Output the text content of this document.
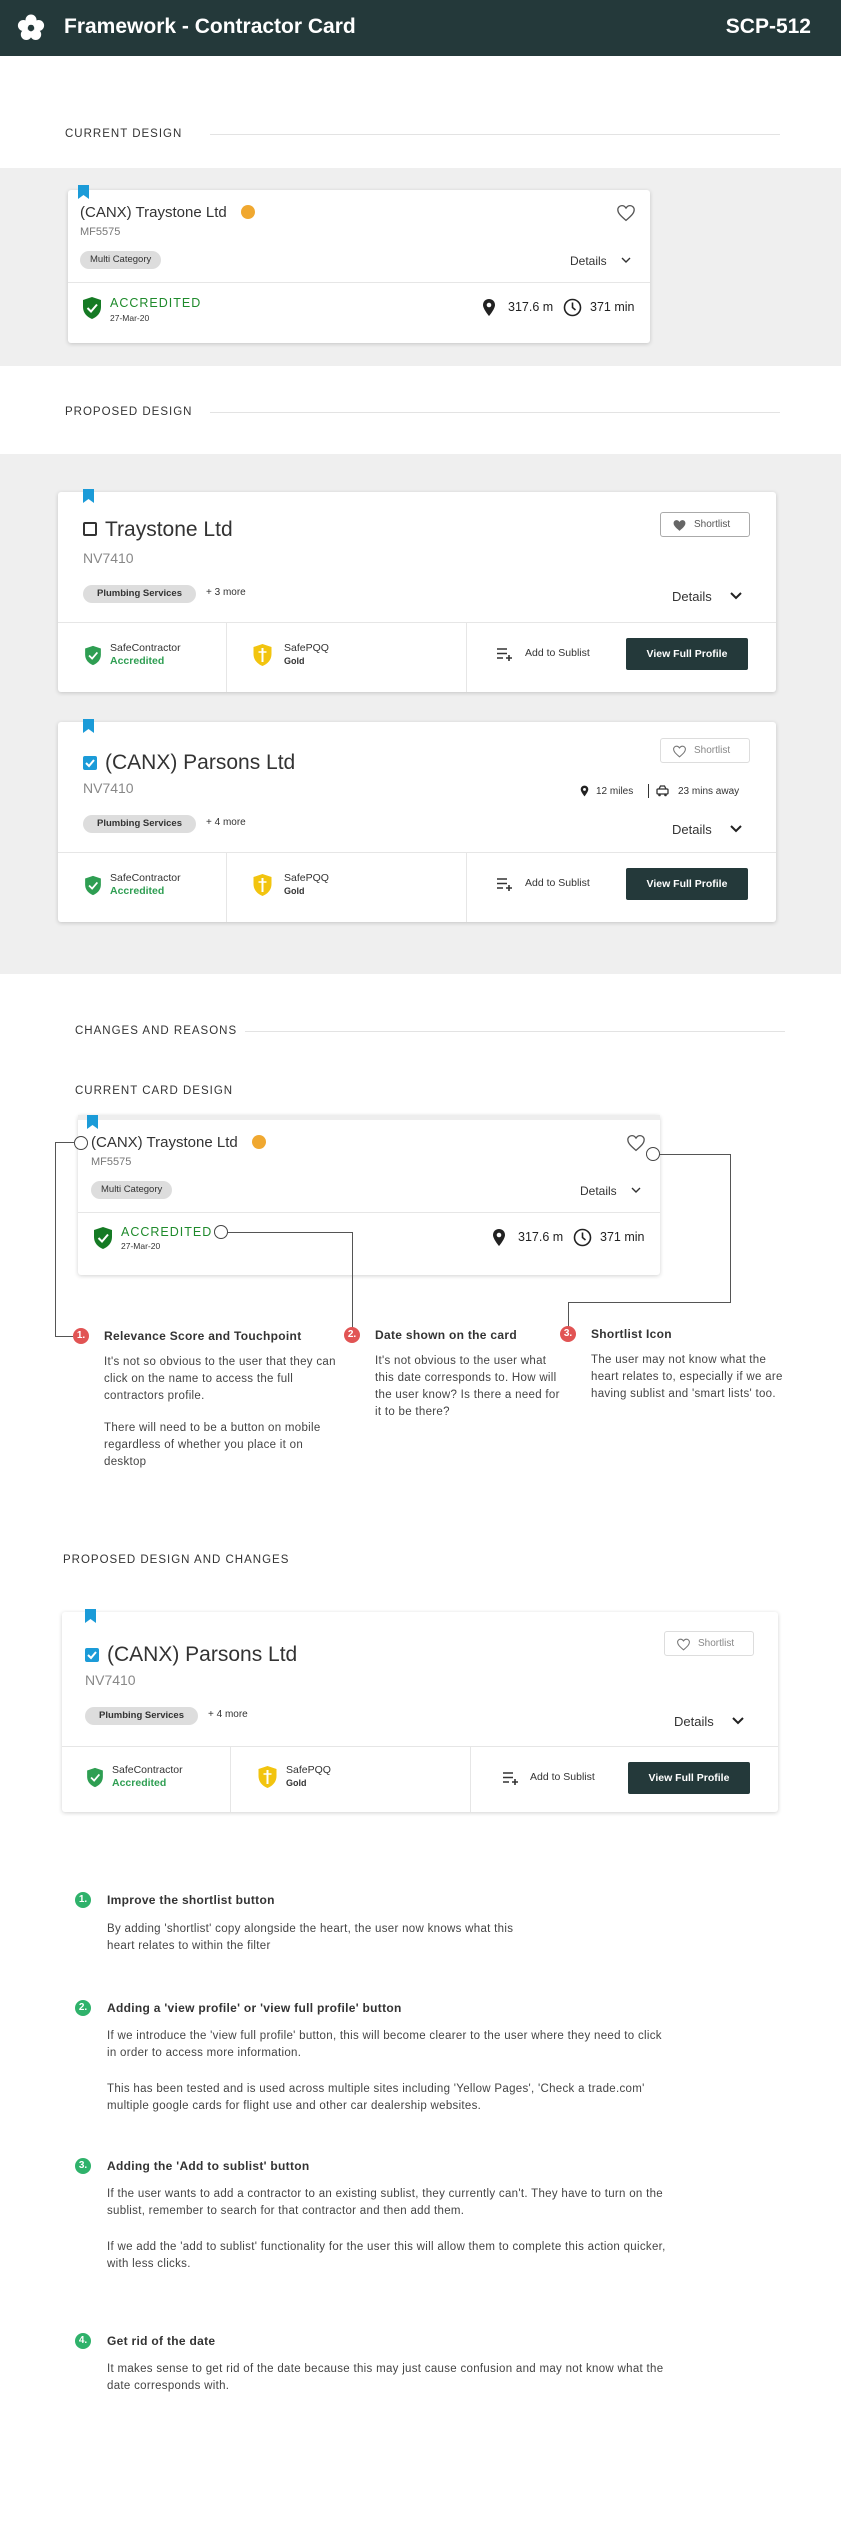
Framework - Contractor Card	SCP-512
CURRENT DESIGN
(CANX) Traystone Ltd
MF5575
Multi Category	Details
ACCREDITED
27-Mar-20
317.6 m	371 min
PROPOSED DESIGN
Traystone Ltd
NV7410
Plumbing Services	+ 3 more
Shortlist
Details
SafeContractor
Accredited
SafePQQ
Gold
Add to Sublist	View Full Profile
(CANX) Parsons Ltd
NV7410
Plumbing Services	+ 4 more
Shortlist
12 miles	23 mins away
Details
SafeContractor
Accredited
SafePQQ
Gold
Add to Sublist	View Full Profile
CHANGES AND REASONS
CURRENT CARD DESIGN
(CANX) Traystone Ltd
MF5575
Multi Category	Details
ACCREDITED
27-Mar-20
317.6 m	371 min
1.	Relevance Score and Touchpoint
It's not so obvious to the user that they can click on the name to access the full contractors profile.
There will need to be a button on mobile regardless of whether you place it on desktop
2.	Date shown on the card
It's not obvious to the user what this date corresponds to. How will the user know? Is there a need for it to be there?
3.	Shortlist Icon
The user may not know what the heart relates to, especially if we are having sublist and 'smart lists' too.
PROPOSED DESIGN AND CHANGES
(CANX) Parsons Ltd
NV7410
Plumbing Services	+ 4 more
Shortlist
Details
SafeContractor
Accredited
SafePQQ
Gold	Add to Sublist	View Full Profile
1.	Improve the shortlist button
By adding 'shortlist' copy alongside the heart, the user now knows what this heart relates to within the filter
2.	Adding a 'view profile' or 'view full profile' button
If we introduce the 'view full profile' button, this will become clearer to the user where they need to click in order to access more information.
This has been tested and is used across multiple sites including 'Yellow Pages', 'Check a trade.com' multiple google cards for flight use and other car dealership websites.
3.	Adding the 'Add to sublist' button
If the user wants to add a contractor to an existing sublist, they currently can't. They have to turn on the sublist, remember to search for that contractor and then add them.
If we add the 'add to sublist' functionality for the user this will allow them to complete this action quicker, with less clicks.
4.	Get rid of the date
It makes sense to get rid of the date because this may just cause confusion and may not know what the date corresponds with.
